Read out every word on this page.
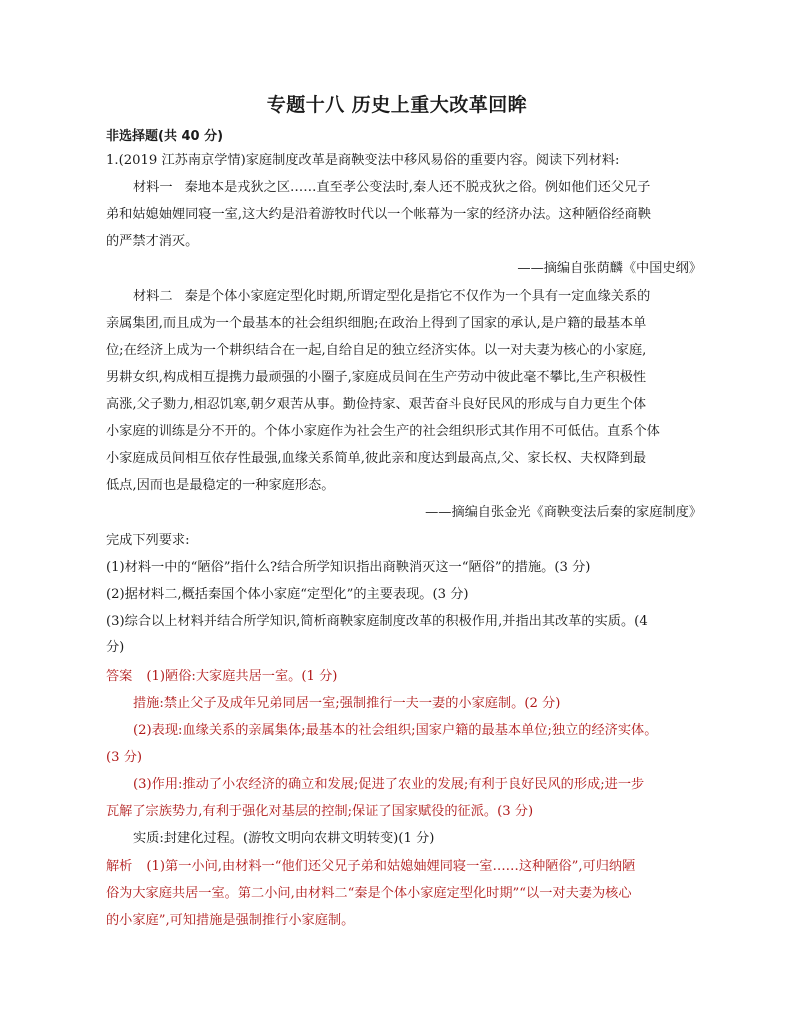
专题十八 历史上重大改革回眸
非选择题(共 40 分)
1.(2019 江苏南京学情)家庭制度改革是商鞅变法中移风易俗的重要内容。阅读下列材料:
材料一 秦地本是戎狄之区……直至孝公变法时,秦人还不脱戎狄之俗。例如他们还父兄子
弟和姑媳妯娌同寝一室,这大约是沿着游牧时代以一个帐幕为一家的经济办法。这种陋俗经商鞅
的严禁才消灭。
——摘编自张荫麟《中国史纲》
材料二 秦是个体小家庭定型化时期,所谓定型化是指它不仅作为一个具有一定血缘关系的
亲属集团,而且成为一个最基本的社会组织细胞;在政治上得到了国家的承认,是户籍的最基本单
位;在经济上成为一个耕织结合在一起,自给自足的独立经济实体。以一对夫妻为核心的小家庭,
男耕女织,构成相互提携力最顽强的小圈子,家庭成员间在生产劳动中彼此毫不攀比,生产积极性
高涨,父子勠力,相忍饥寒,朝夕艰苦从事。勤俭持家、艰苦奋斗良好民风的形成与自力更生个体
小家庭的训练是分不开的。个体小家庭作为社会生产的社会组织形式其作用不可低估。直系个体
小家庭成员间相互依存性最强,血缘关系简单,彼此亲和度达到最高点,父、家长权、夫权降到最
低点,因而也是最稳定的一种家庭形态。
——摘编自张金光《商鞅变法后秦的家庭制度》
完成下列要求:
(1)材料一中的“陋俗”指什么?结合所学知识指出商鞅消灭这一“陋俗”的措施。(3 分)
(2)据材料二,概括秦国个体小家庭“定型化”的主要表现。(3 分)
(3)综合以上材料并结合所学知识,简析商鞅家庭制度改革的积极作用,并指出其改革的实质。(4
分)
答案 (1)陋俗:大家庭共居一室。(1 分)
措施:禁止父子及成年兄弟同居一室;强制推行一夫一妻的小家庭制。(2 分)
(2)表现:血缘关系的亲属集体;最基本的社会组织;国家户籍的最基本单位;独立的经济实体。
(3 分)
(3)作用:推动了小农经济的确立和发展;促进了农业的发展;有利于良好民风的形成;进一步
瓦解了宗族势力,有利于强化对基层的控制;保证了国家赋役的征派。(3 分)
实质:封建化过程。(游牧文明向农耕文明转变)(1 分)
解析 (1)第一小问,由材料一“他们还父兄子弟和姑媳妯娌同寝一室……这种陋俗”,可归纳陋
俗为大家庭共居一室。第二小问,由材料二“秦是个体小家庭定型化时期”“以一对夫妻为核心
的小家庭”,可知措施是强制推行小家庭制。
